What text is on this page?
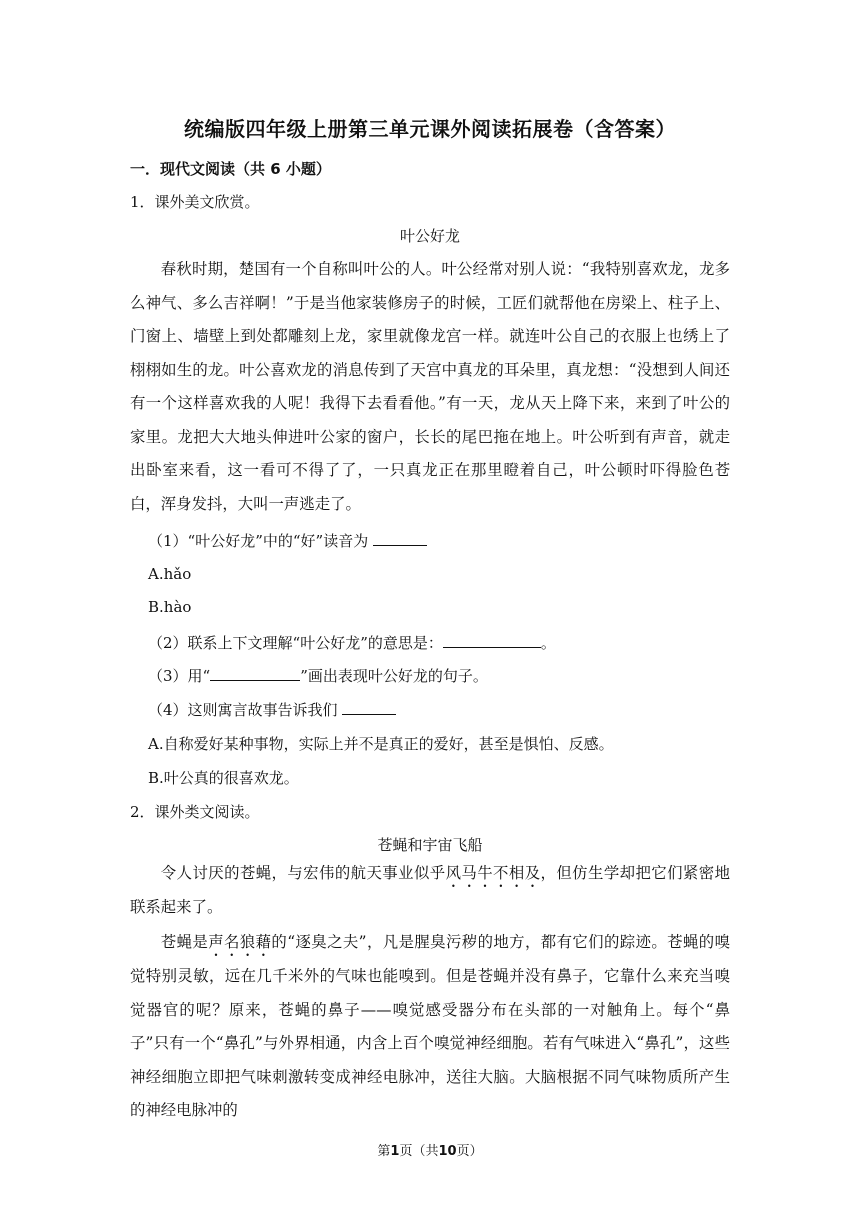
统编版四年级上册第三单元课外阅读拓展卷（含答案）
一．现代文阅读（共 6 小题）
1．课外美文欣赏。
叶公好龙
春秋时期，楚国有一个自称叫叶公的人。叶公经常对别人说：“我特别喜欢龙，龙多么神气、多么吉祥啊！”于是当他家装修房子的时候，工匠们就帮他在房梁上、柱子上、门窗上、墙壁上到处都雕刻上龙，家里就像龙宫一样。就连叶公自己的衣服上也绣上了栩栩如生的龙。叶公喜欢龙的消息传到了天宫中真龙的耳朵里，真龙想：“没想到人间还有一个这样喜欢我的人呢！我得下去看看他。”有一天，龙从天上降下来，来到了叶公的家里。龙把大大地头伸进叶公家的窗户，长长的尾巴拖在地上。叶公听到有声音，就走出卧室来看，这一看可不得了了，一只真龙正在那里瞪着自己，叶公顿时吓得脸色苍白，浑身发抖，大叫一声逃走了。
（1）“叶公好龙”中的“好”读音为
A.hǎo
B.hào
（2）联系上下文理解“叶公好龙”的意思是：	。
（3）用“	”画出表现叶公好龙的句子。
（4）这则寓言故事告诉我们
A.自称爱好某种事物，实际上并不是真正的爱好，甚至是惧怕、反感。
B.叶公真的很喜欢龙。
2．课外类文阅读。
苍蝇和宇宙飞船
令人讨厌的苍蝇，与宏伟的航天事业似乎风马牛不相及，但仿生学却把它们紧密地联系起来了。
苍蝇是声名狼藉的“逐臭之夫”，凡是腥臭污秽的地方，都有它们的踪迹。苍蝇的嗅觉特别灵敏，远在几千米外的气味也能嗅到。但是苍蝇并没有鼻子，它靠什么来充当嗅觉器官的呢？原来，苍蝇的鼻子——嗅觉感受器分布在头部的一对触角上。每个“鼻子”只有一个“鼻孔”与外界相通，内含上百个嗅觉神经细胞。若有气味进入“鼻孔”，这些神经细胞立即把气味刺激转变成神经电脉冲，送往大脑。大脑根据不同气味物质所产生的神经电脉冲的
第1页（共10页）
